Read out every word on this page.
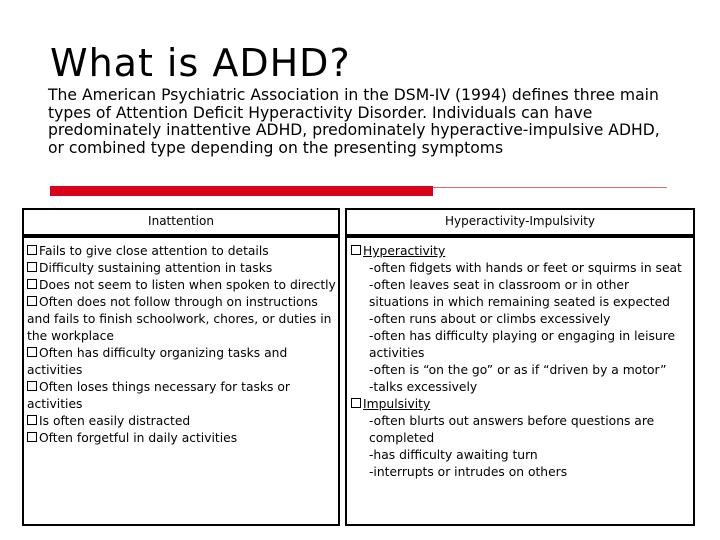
What is ADHD?

The American Psychiatric Association in the DSM-IV (1994) defines three main types of Attention Deficit Hyperactivity Disorder. Individuals can have predominately inattentive ADHD, predominately hyperactive-impulsive ADHD, or combined type depending on the presenting symptoms

Inattention	Hyperactivity-Impulsivity

Fails to give close attention to details

Difficulty sustaining attention in tasks

Does not seem to listen when spoken to directly

Often does not follow through on instructions and fails to finish schoolwork, chores, or duties in the workplace

Often has difficulty organizing tasks and activities

Often loses things necessary for tasks or activities

Is often easily distracted

Often forgetful in daily activities

Hyperactivity

-often fidgets with hands or feet or squirms in seat

-often leaves seat in classroom or in other situations in which remaining seated is expected

-often runs about or climbs excessively

-often has difficulty playing or engaging in leisure activities

-often is “on the go” or as if “driven by a motor”

-talks excessively

Impulsivity

-often blurts out answers before questions are completed

-has difficulty awaiting turn

-interrupts or intrudes on others
